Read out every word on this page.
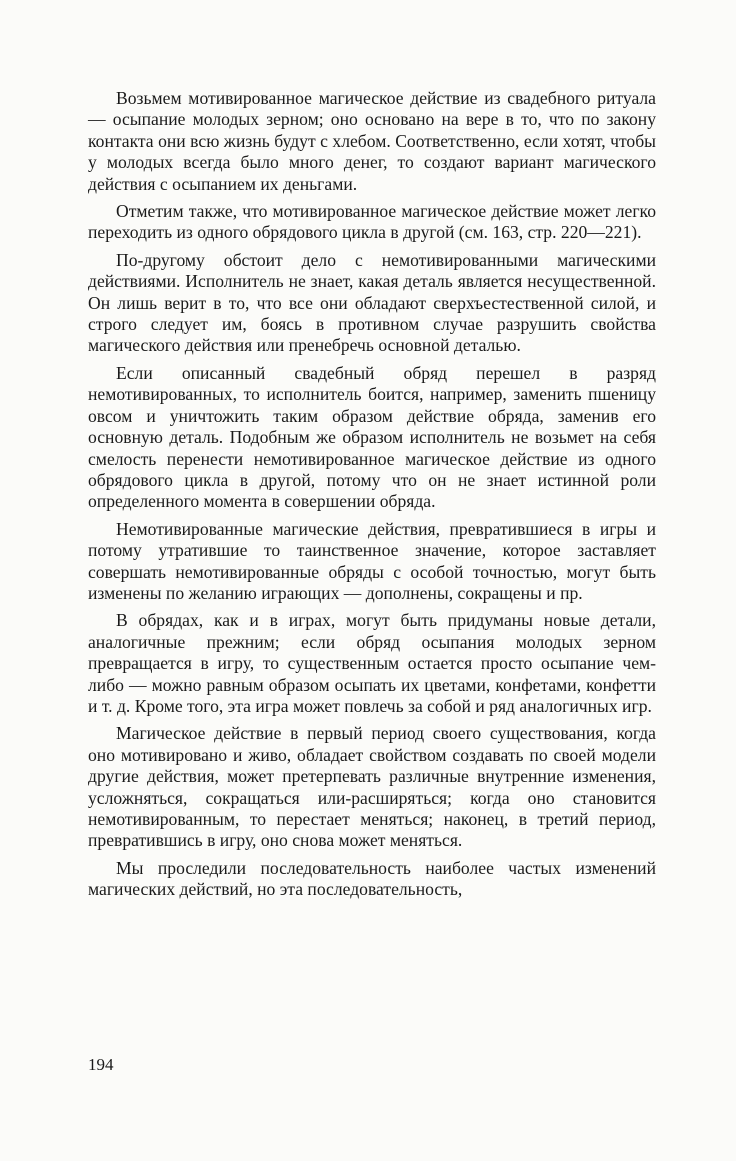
Возьмем мотивированное магическое действие из свадебного ритуала — осыпание молодых зерном; оно основано на вере в то, что по закону контакта они всю жизнь будут с хлебом. Соответственно, если хотят, чтобы у молодых всегда было много денег, то создают вариант магического действия с осыпанием их деньгами.

Отметим также, что мотивированное магическое действие может легко переходить из одного обрядового цикла в другой (см. 163, стр. 220—221).

По-другому обстоит дело с немотивированными магическими действиями. Исполнитель не знает, какая деталь является несущественной. Он лишь верит в то, что все они обладают сверхъестественной силой, и строго следует им, боясь в противном случае разрушить свойства магического действия или пренебречь основной деталью.

Если описанный свадебный обряд перешел в разряд немотивированных, то исполнитель боится, например, заменить пшеницу овсом и уничтожить таким образом действие обряда, заменив его основную деталь. Подобным же образом исполнитель не возьмет на себя смелость перенести немотивированное магическое действие из одного обрядового цикла в другой, потому что он не знает истинной роли определенного момента в совершении обряда.

Немотивированные магические действия, превратившиеся в игры и потому утратившие то таинственное значение, которое заставляет совершать немотивированные обряды с особой точностью, могут быть изменены по желанию играющих — дополнены, сокращены и пр.

В обрядах, как и в играх, могут быть придуманы новые детали, аналогичные прежним; если обряд осыпания молодых зерном превращается в игру, то существенным остается просто осыпание чем-либо — можно равным образом осыпать их цветами, конфетами, конфетти и т. д. Кроме того, эта игра может повлечь за собой и ряд аналогичных игр.

Магическое действие в первый период своего существования, когда оно мотивировано и живо, обладает свойством создавать по своей модели другие действия, может претерпевать различные внутренние изменения, усложняться, сокращаться или-расширяться; когда оно становится немотивированным, то перестает меняться; наконец, в третий период, превратившись в игру, оно снова может меняться.

Мы проследили последовательность наиболее частых изменений магических действий, но эта последовательность,

194
